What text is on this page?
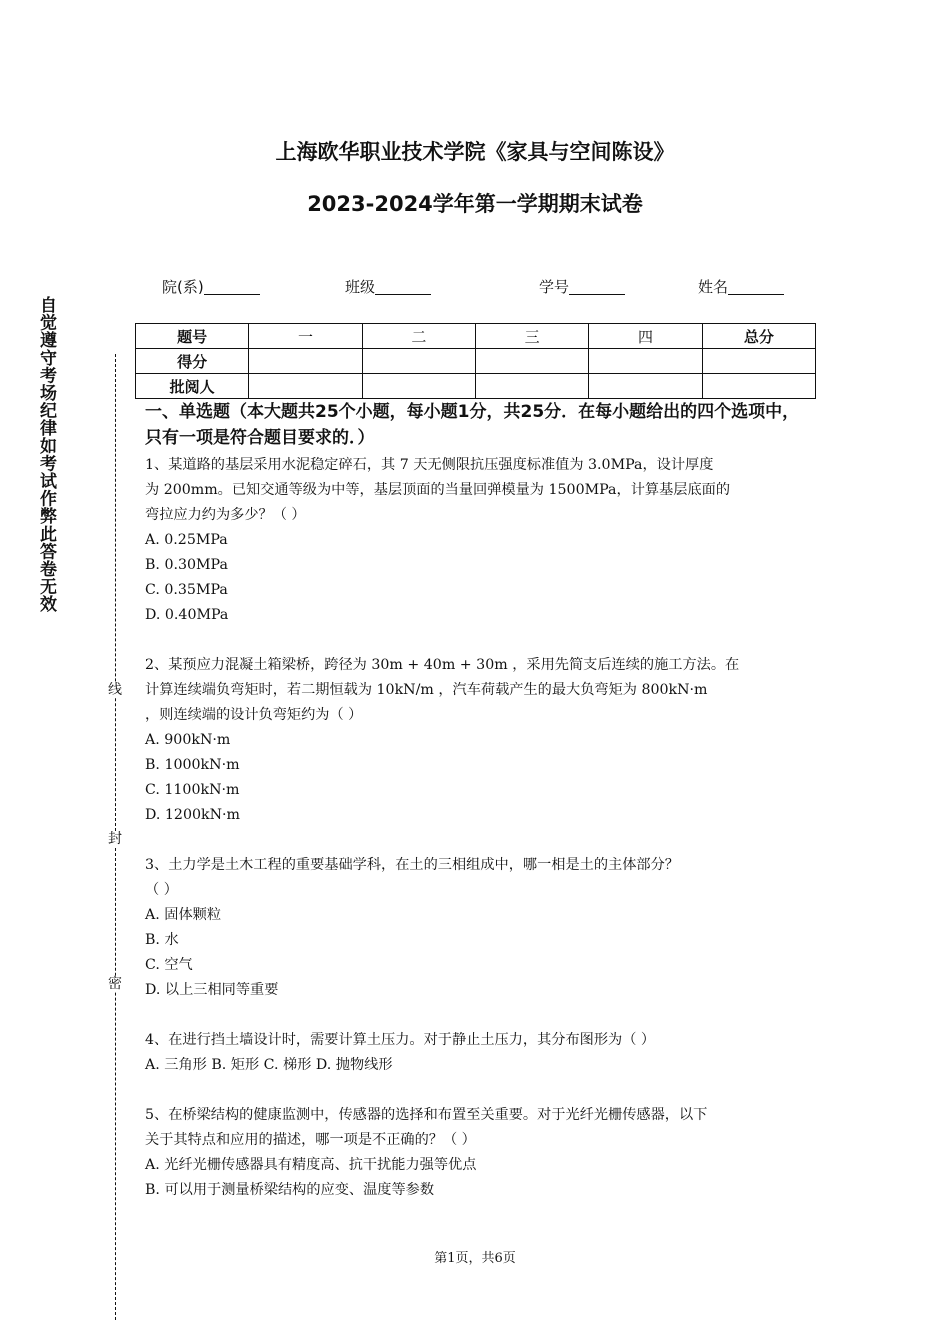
上海欧华职业技术学院《家具与空间陈设》
2023-2024学年第一学期期末试卷
院(系)	班级	学号	姓名
题号	一	二	三	四	总分
得分					
批阅人					
自觉遵守考场纪律如考试作弊此答卷无效
线
封
密
一、单选题（本大题共25个小题，每小题1分，共25分．在每小题给出的四个选项中，只有一项是符合题目要求的．）
1、某道路的基层采用水泥稳定碎石，其 7 天无侧限抗压强度标准值为 3.0MPa，设计厚度
为 200mm。已知交通等级为中等，基层顶面的当量回弹模量为 1500MPa，计算基层底面的
弯拉应力约为多少？（ ）
A. 0.25MPa
B. 0.30MPa
C. 0.35MPa
D. 0.40MPa
2、某预应力混凝土箱梁桥，跨径为 30m + 40m + 30m ，采用先简支后连续的施工方法。在
计算连续端负弯矩时，若二期恒载为 10kN/m ，汽车荷载产生的最大负弯矩为 800kN·m
，则连续端的设计负弯矩约为（ ）
A. 900kN·m
B. 1000kN·m
C. 1100kN·m
D. 1200kN·m
3、土力学是土木工程的重要基础学科，在土的三相组成中，哪一相是土的主体部分？
（ ）
A. 固体颗粒
B. 水
C. 空气
D. 以上三相同等重要
4、在进行挡土墙设计时，需要计算土压力。对于静止土压力，其分布图形为（ ）
A. 三角形 B. 矩形 C. 梯形 D. 抛物线形
5、在桥梁结构的健康监测中，传感器的选择和布置至关重要。对于光纤光栅传感器，以下
关于其特点和应用的描述，哪一项是不正确的？（ ）
A. 光纤光栅传感器具有精度高、抗干扰能力强等优点
B. 可以用于测量桥梁结构的应变、温度等参数
第1页，共6页
